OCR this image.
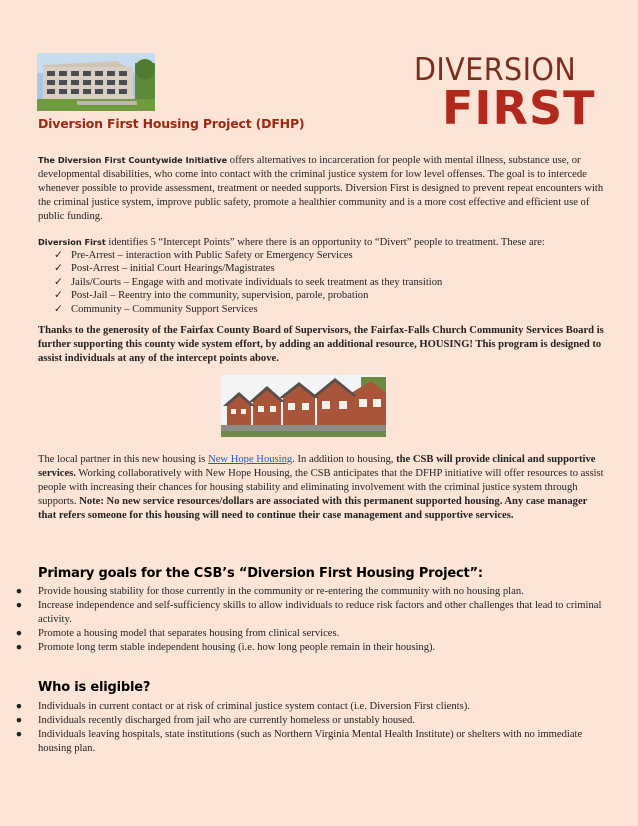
DIVERSION
FIRST
Diversion First Housing Project (DFHP)

The Diversion First Countywide Initiative offers alternatives to incarceration for people with mental illness, substance use, or developmental disabilities, who come into contact with the criminal justice system for low level offenses. The goal is to intercede whenever possible to provide assessment, treatment or needed supports. Diversion First is designed to prevent repeat encounters with the criminal justice system, improve public safety, promote a healthier community and is a more cost effective and efficient use of public funding.

Diversion First identifies 5 “Intercept Points” where there is an opportunity to “Divert” people to treatment. These are:

✓ Pre-Arrest – interaction with Public Safety or Emergency Services
✓ Post-Arrest – initial Court Hearings/Magistrates
✓ Jails/Courts – Engage with and motivate individuals to seek treatment as they transition
✓ Post-Jail – Reentry into the community, supervision, parole, probation
✓ Community – Community Support Services

Thanks to the generosity of the Fairfax County Board of Supervisors, the Fairfax-Falls Church Community Services Board is further supporting this county wide system effort, by adding an additional resource, HOUSING! This program is designed to assist individuals at any of the intercept points above.

The local partner in this new housing is New Hope Housing. In addition to housing, the CSB will provide clinical and supportive services. Working collaboratively with New Hope Housing, the CSB anticipates that the DFHP initiative will offer resources to assist people with increasing their chances for housing stability and eliminating involvement with the criminal justice system through supports. Note: No new service resources/dollars are associated with this permanent supported housing. Any case manager that refers someone for this housing will need to continue their case management and supportive services.

Primary goals for the CSB’s “Diversion First Housing Project”:

● Provide housing stability for those currently in the community or re-entering the community with no housing plan.
● Increase independence and self-sufficiency skills to allow individuals to reduce risk factors and other challenges that lead to criminal activity.
● Promote a housing model that separates housing from clinical services.
● Promote long term stable independent housing (i.e. how long people remain in their housing).

Who is eligible?

● Individuals in current contact or at risk of criminal justice system contact (i.e. Diversion First clients).
● Individuals recently discharged from jail who are currently homeless or unstably housed.
● Individuals leaving hospitals, state institutions (such as Northern Virginia Mental Health Institute) or shelters with no immediate housing plan.
